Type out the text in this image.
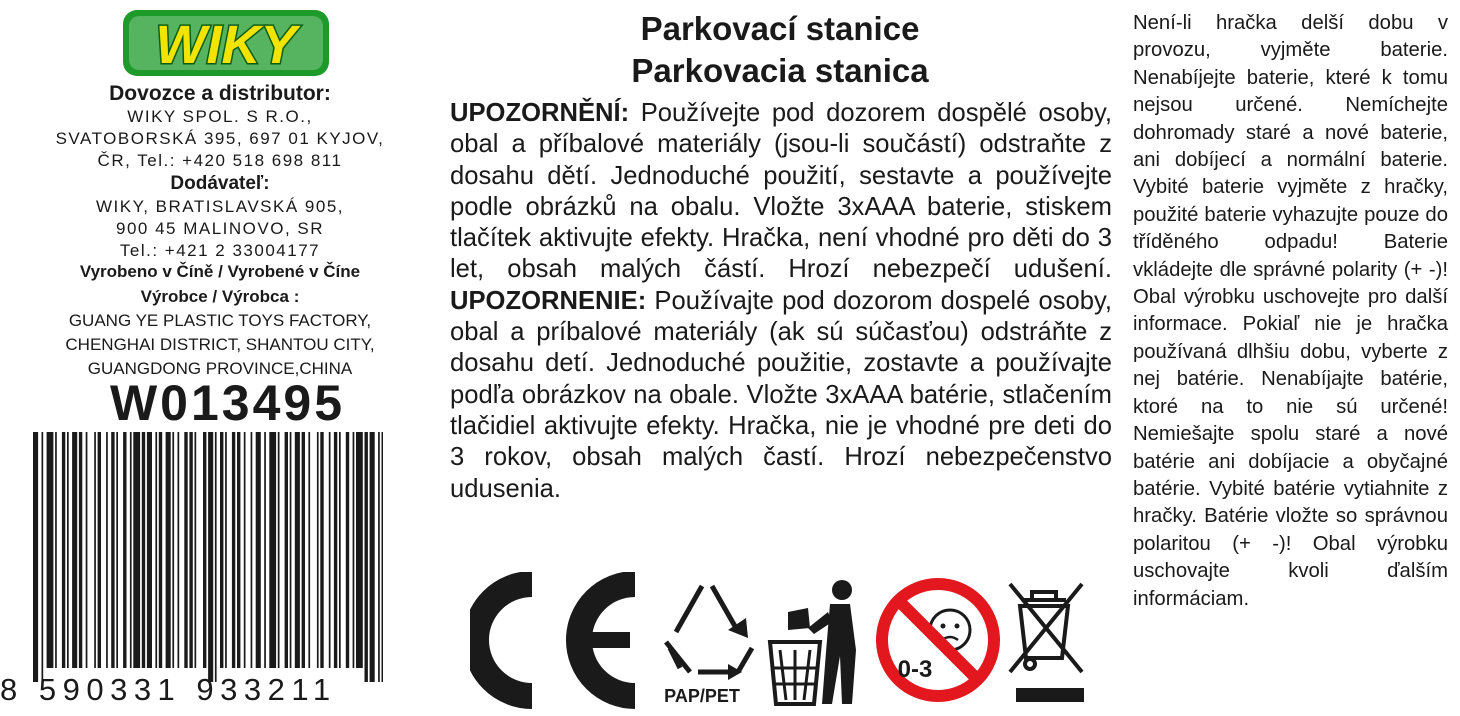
WIKY
Dovozce a distributor:
WIKY SPOL. S R.O.,
SVATOBORSKÁ 395, 697 01 KYJOV,
ČR, Tel.: +420 518 698 811
Dodávateľ:
WIKY, BRATISLAVSKÁ 905,
900 45 MALINOVO, SR
Tel.: +421 2 33004177
Vyrobeno v Číně / Vyrobené v Číne
Výrobce / Výrobca :
GUANG YE PLASTIC TOYS FACTORY,
CHENGHAI DISTRICT, SHANTOU CITY,
GUANGDONG PROVINCE,CHINA
W013495
8 590331 933211
Parkovací stanice
Parkovacia stanica
UPOZORNĚNÍ: Používejte pod dozorem dospělé osoby, obal a příbalové materiály (jsou-li součástí) odstraňte z dosahu dětí. Jednoduché použití, sestavte a používejte podle obrázků na obalu. Vložte 3xAAA baterie, stiskem tlačítek aktivujte efekty. Hračka, není vhodné pro děti do 3 let, obsah malých částí. Hrozí nebezpečí udušení. UPOZORNENIE: Používajte pod dozorom dospelé osoby, obal a príbalové materiály (ak sú súčasťou) odstráňte z dosahu detí. Jednoduché použitie, zostavte a používajte podľa obrázkov na obale. Vložte 3xAAA batérie, stlačením tlačidiel aktivujte efekty. Hračka, nie je vhodné pre deti do 3 rokov, obsah malých častí. Hrozí nebezpečenstvo udusenia.
PAP/PET
0-3
Není-li hračka delší dobu v provozu, vyjměte baterie. Nenabíjejte baterie, které k tomu nejsou určené. Nemíchejte dohromady staré a nové baterie, ani dobíjecí a normální baterie. Vybité baterie vyjměte z hračky, použité baterie vyhazujte pouze do tříděného odpadu! Baterie vkládejte dle správné polarity (+ -)! Obal výrobku uschovejte pro další informace. Pokiaľ nie je hračka používaná dlhšiu dobu, vyberte z nej batérie. Nenabíjajte batérie, ktoré na to nie sú určené! Nemiešajte spolu staré a nové batérie ani dobíjacie a obyčajné batérie. Vybité batérie vytiahnite z hračky. Batérie vložte so správnou polaritou (+ -)! Obal výrobku uschovajte kvoli ďalším informáciam.
